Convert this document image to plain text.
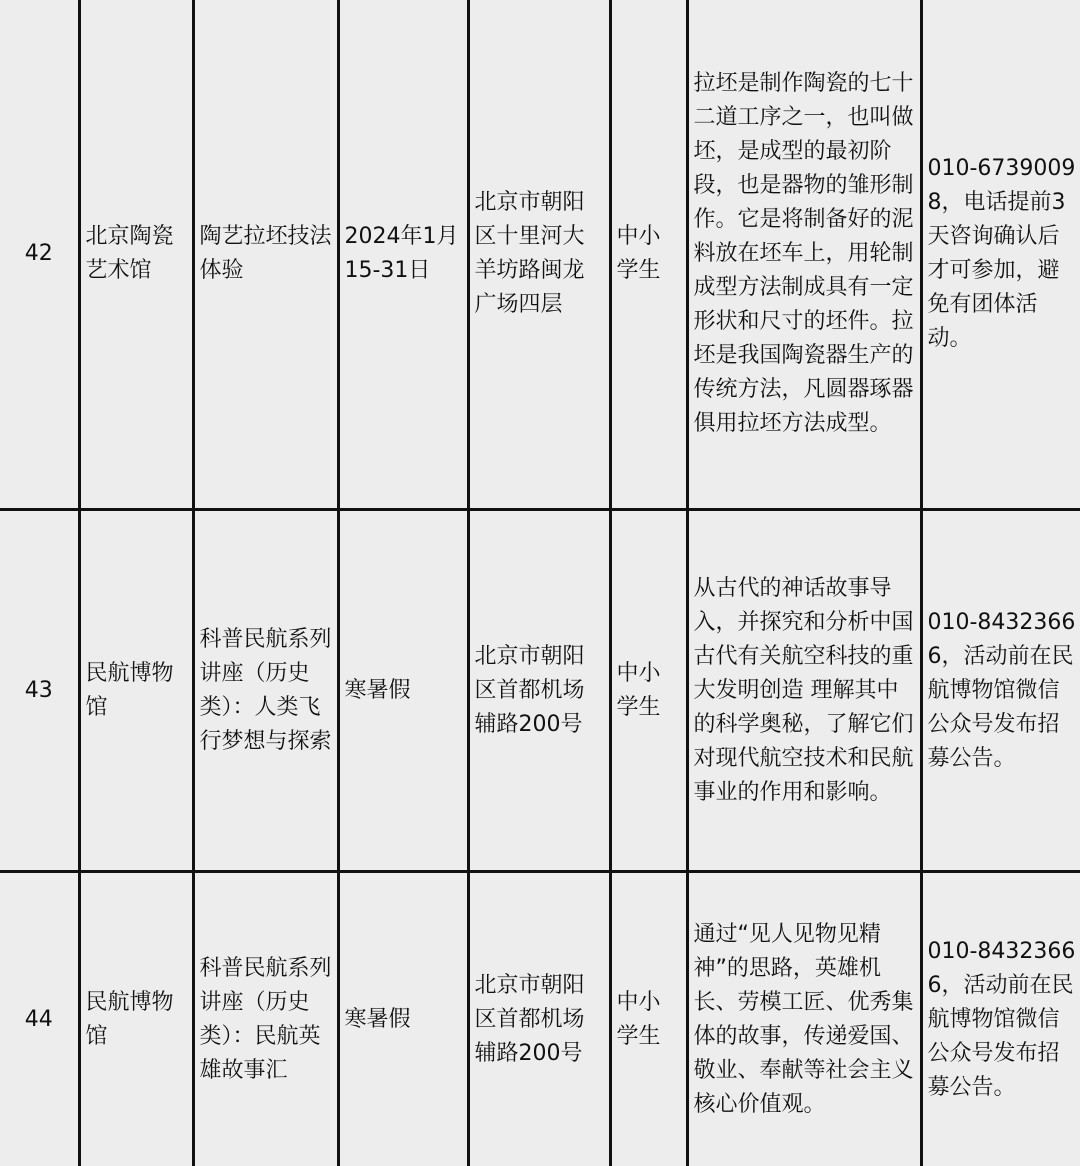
42	北京陶瓷艺术馆	陶艺拉坯技法体验	2024年1月15-31日	北京市朝阳区十里河大羊坊路闽龙广场四层	中小学生	拉坯是制作陶瓷的七十二道工序之一，也叫做坯，是成型的最初阶段，也是器物的雏形制作。它是将制备好的泥料放在坯车上，用轮制成型方法制成具有一定形状和尺寸的坯件。拉坯是我国陶瓷器生产的传统方法，凡圆器琢器俱用拉坯方法成型。	010-67390098，电话提前3天咨询确认后才可参加，避免有团体活动。
43	民航博物馆	科普民航系列讲座（历史类）：人类飞行梦想与探索	寒暑假	北京市朝阳区首都机场辅路200号	中小学生	从古代的神话故事导入，并探究和分析中国古代有关航空科技的重大发明创造 理解其中的科学奥秘，了解它们对现代航空技术和民航事业的作用和影响。	010-84323666，活动前在民航博物馆微信公众号发布招募公告。
44	民航博物馆	科普民航系列讲座（历史类）：民航英雄故事汇	寒暑假	北京市朝阳区首都机场辅路200号	中小学生	通过“见人见物见精神”的思路，英雄机长、劳模工匠、优秀集体的故事，传递爱国、敬业、奉献等社会主义核心价值观。	010-84323666，活动前在民航博物馆微信公众号发布招募公告。
